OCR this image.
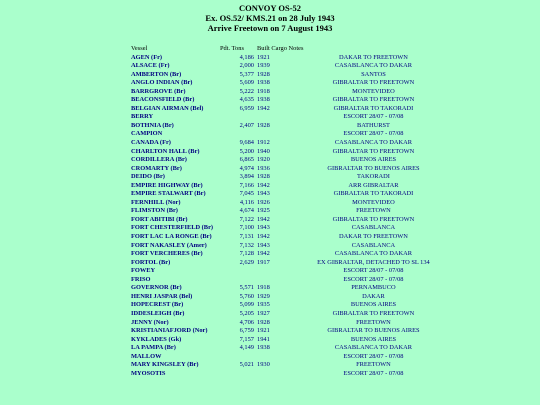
CONVOY OS-52
Ex. OS.52/ KMS.21 on 28 July 1943
Arrive Freetown on 7 August 1943
Vessel	Pdt. Tons	Built Cargo Notes	
AGEN (Fr)	4,186	1921	DAKAR TO FREETOWN
ALSACE (Fr)	2,000	1939	CASABLANCA TO DAKAR
AMBERTON (Br)	5,377	1928	SANTOS
ANGLO INDIAN (Br)	5,609	1938	GIBRALTAR TO FREETOWN
BARRGROVE (Br)	5,222	1918	MONTEVIDEO
BEACONSFIELD (Br)	4,635	1938	GIBRALTAR TO FREETOWN
BELGIAN AIRMAN (Bel)	6,959	1942	GIBRALTAR TO TAKORADI
BERRY			ESCORT 28/07 - 07/08
BOTHNIA (Br)	2,407	1928	BATHURST
CAMPION			ESCORT 28/07 - 07/08
CANADA (Fr)	9,684	1912	CASABLANCA TO DAKAR
CHARLTON HALL (Br)	5,200	1940	GIBRALTAR TO FREETOWN
CORDILLERA (Br)	6,865	1920	BUENOS AIRES
CROMARTY (Br)	4,974	1936	GIBRALTAR TO BUENOS AIRES
DEIDO (Br)	3,894	1928	TAKORADI
EMPIRE HIGHWAY (Br)	7,166	1942	ARR GIBRALTAR
EMPIRE STALWART (Br)	7,045	1943	GIBRALTAR TO TAKORADI
FERNHILL (Nor)	4,116	1926	MONTEVIDEO
FLIMSTON (Br)	4,674	1925	FREETOWN
FORT ABITIBI (Br)	7,122	1942	GIBRALTAR TO FREETOWN
FORT CHESTERFIELD (Br)	7,100	1943	CASABLANCA
FORT LAC LA RONGE (Br)	7,131	1942	DAKAR TO FREETOWN
FORT NAKASLEY (Amer)	7,132	1943	CASABLANCA
FORT VERCHERES (Br)	7,128	1942	CASABLANCA TO DAKAR
FORTOL (Br)	2,629	1917	EX GIBRALTAR, DETACHED TO SL 134
FOWEY			ESCORT 28/07 - 07/08
FRISO			ESCORT 28/07 - 07/08
GOVERNOR (Br)	5,571	1918	PERNAMBUCO
HENRI JASPAR (Bel)	5,760	1929	DAKAR
HOPECREST (Br)	5,099	1935	BUENOS AIRES
IDDESLEIGH (Br)	5,205	1927	GIBRALTAR TO FREETOWN
JENNY (Nor)	4,706	1928	FREETOWN
KRISTIANIAFJORD (Nor)	6,759	1921	GIBRALTAR TO BUENOS AIRES
KYKLADES (Gk)	7,157	1941	BUENOS AIRES
LA PAMPA (Br)	4,149	1938	CASABLANCA TO DAKAR
MALLOW			ESCORT 28/07 - 07/08
MARY KINGSLEY (Br)	5,021	1930	FREETOWN
MYOSOTIS			ESCORT 28/07 - 07/08
